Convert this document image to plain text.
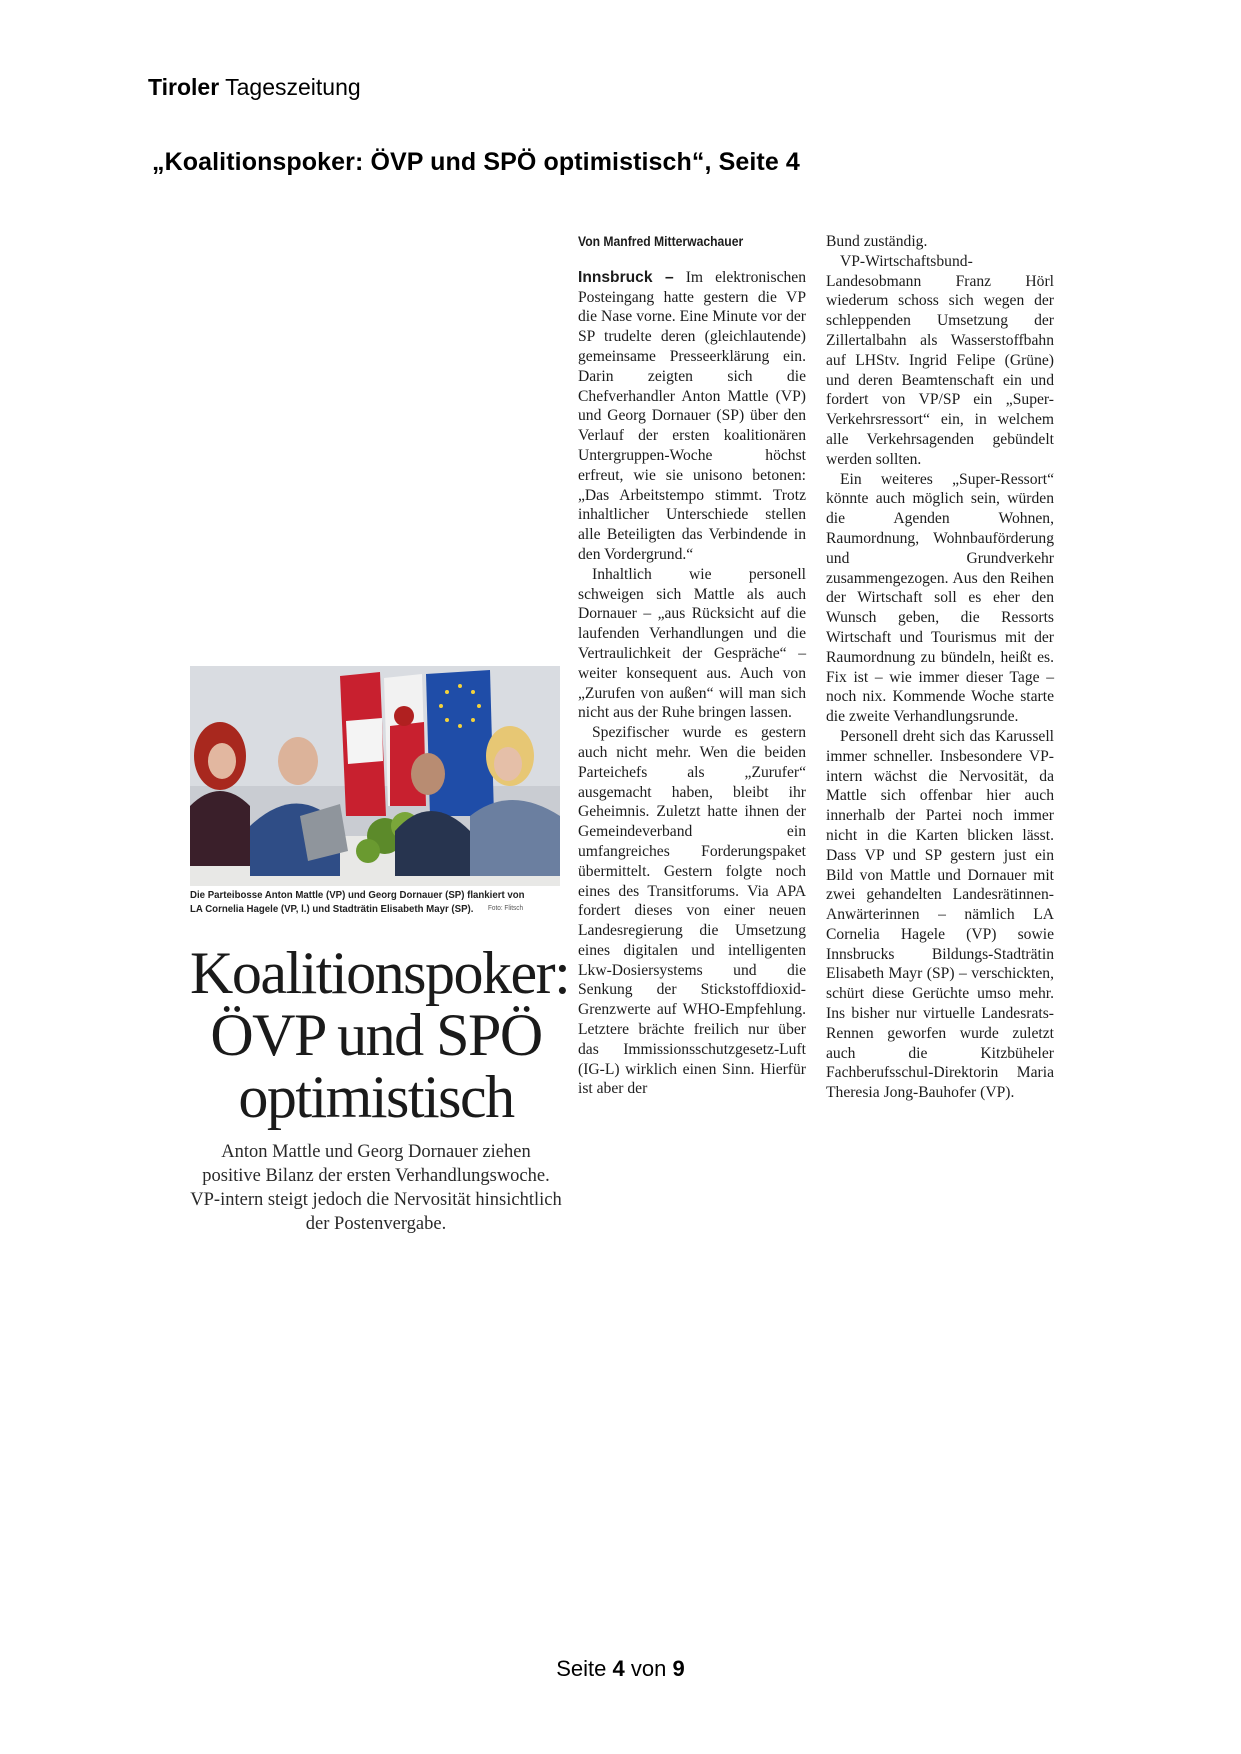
Tiroler Tageszeitung
„Koalitionspoker: ÖVP und SPÖ optimistisch“, Seite 4
Die Parteibosse Anton Mattle (VP) und Georg Dornauer (SP) flankiert von LA Cornelia Hagele (VP, l.) und Stadträtin Elisabeth Mayr (SP). Foto: Flitsch
Koalitionspoker: ÖVP und SPÖ optimistisch
Anton Mattle und Georg Dornauer ziehen positive Bilanz der ersten Verhandlungswoche. VP-intern steigt jedoch die Nervosität hinsichtlich der Postenvergabe.
Von Manfred Mitterwachauer

Innsbruck – Im elektronischen Posteingang hatte gestern die VP die Nase vorne. Eine Minute vor der SP trudelte deren (gleichlautende) gemeinsame Presseerklärung ein. Darin zeigten sich die Chefverhandler Anton Mattle (VP) und Georg Dornauer (SP) über den Verlauf der ersten koalitionären Untergruppen-Woche höchst erfreut, wie sie unisono betonen: „Das Arbeitstempo stimmt. Trotz inhaltlicher Unterschiede stellen alle Beteiligten das Verbindende in den Vordergrund.“

Inhaltlich wie personell schweigen sich Mattle als auch Dornauer – „aus Rücksicht auf die laufenden Verhandlungen und die Vertraulichkeit der Gespräche“ – weiter konsequent aus. Auch von „Zurufen von außen“ will man sich nicht aus der Ruhe bringen lassen.

Spezifischer wurde es gestern auch nicht mehr. Wen die beiden Parteichefs als „Zurufer“ ausgemacht haben, bleibt ihr Geheimnis. Zuletzt hatte ihnen der Gemeindeverband ein umfangreiches Forderungspaket übermittelt. Gestern folgte noch eines des Transitforums. Via APA fordert dieses von einer neuen Landesregierung die Umsetzung eines digitalen und intelligenten Lkw-Dosiersystems und die Senkung der Stickstoffdioxid-Grenzwerte auf WHO-Empfehlung. Letztere brächte freilich nur über das Immissionsschutzgesetz-Luft (IG-L) wirklich einen Sinn. Hierfür ist aber der

Bund zuständig.

VP-Wirtschaftsbund-Landesobmann Franz Hörl wiederum schoss sich wegen der schleppenden Umsetzung der Zillertalbahn als Wasserstoffbahn auf LHStv. Ingrid Felipe (Grüne) und deren Beamtenschaft ein und fordert von VP/SP ein „Super-Verkehrsressort“ ein, in welchem alle Verkehrsagenden gebündelt werden sollten.

Ein weiteres „Super-Ressort“ könnte auch möglich sein, würden die Agenden Wohnen, Raumordnung, Wohnbauförderung und Grundverkehr zusammengezogen. Aus den Reihen der Wirtschaft soll es eher den Wunsch geben, die Ressorts Wirtschaft und Tourismus mit der Raumordnung zu bündeln, heißt es. Fix ist – wie immer dieser Tage – noch nix. Kommende Woche starte die zweite Verhandlungsrunde.

Personell dreht sich das Karussell immer schneller. Insbesondere VP-intern wächst die Nervosität, da Mattle sich offenbar hier auch innerhalb der Partei noch immer nicht in die Karten blicken lässt. Dass VP und SP gestern just ein Bild von Mattle und Dornauer mit zwei gehandelten Landesrätinnen-Anwärterinnen – nämlich LA Cornelia Hagele (VP) sowie Innsbrucks Bildungs-Stadträtin Elisabeth Mayr (SP) – verschickten, schürt diese Gerüchte umso mehr. Ins bisher nur virtuelle Landesrats-Rennen geworfen wurde zuletzt auch die Kitzbüheler Fachberufsschul-Direktorin Maria Theresia Jong-Bauhofer (VP).

Seite 4 von 9
